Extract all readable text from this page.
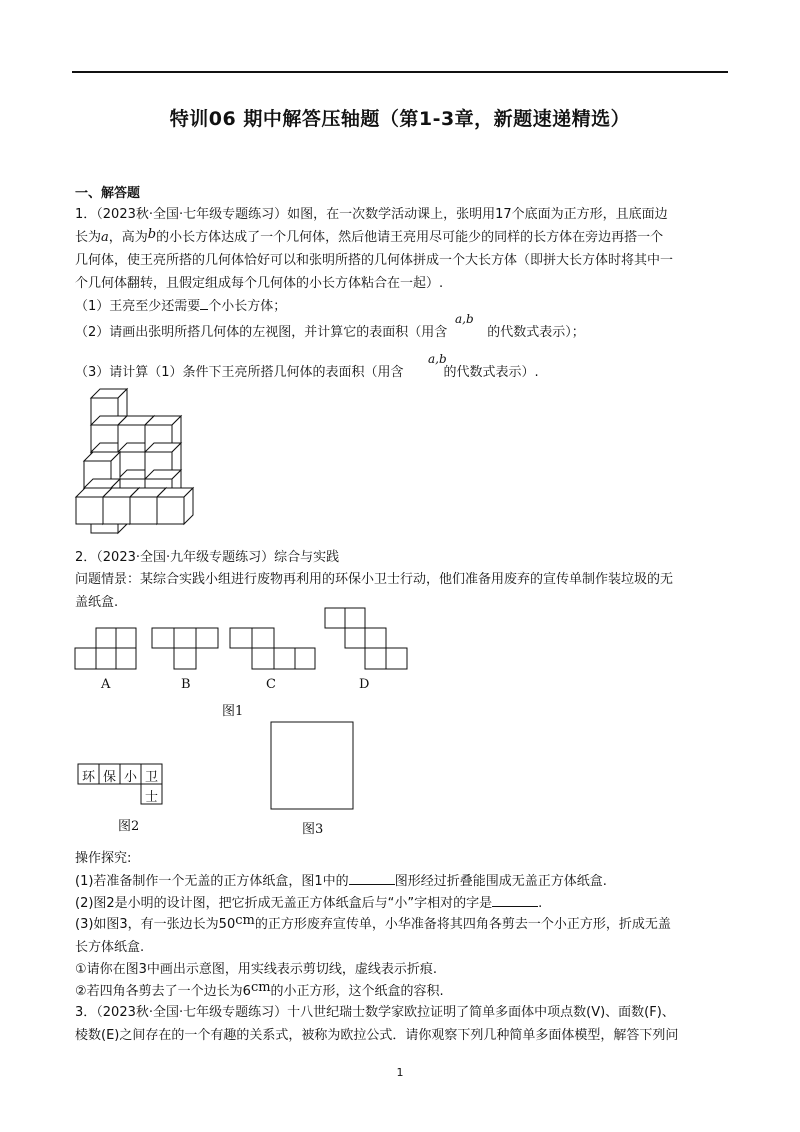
特训06 期中解答压轴题（第1-3章，新题速递精选）
一、解答题
1．（2023秋·全国·七年级专题练习）如图，在一次数学活动课上，张明用17个底面为正方形，且底面边
长为a，高为b的小长方体达成了一个几何体，然后他请王亮用尽可能少的同样的长方体在旁边再搭一个
几何体，使王亮所搭的几何体恰好可以和张明所搭的几何体拼成一个大长方体（即拼大长方体时将其中一
个几何体翻转，且假定组成每个几何体的小长方体粘合在一起）.
（1）王亮至少还需要 个小长方体；
a,b
（2）请画出张明所搭几何体的左视图，并计算它的表面积（用含	的代数式表示）；
a,b
（3）请计算（1）条件下王亮所搭几何体的表面积（用含	的代数式表示）.
2．（2023·全国·九年级专题练习）综合与实践
问题情景：某综合实践小组进行废物再利用的环保小卫士行动，他们准备用废弃的宣传单制作装垃圾的无
盖纸盒.
A	B	C	D
图1
环 保 小 卫
士
图2	图3
操作探究:
(1)若准备制作一个无盖的正方体纸盒，图1中的	图形经过折叠能围成无盖正方体纸盒.
(2)图2是小明的设计图，把它折成无盖正方体纸盒后与“小”字相对的字是	.
(3)如图3，有一张边长为50cm的正方形废弃宣传单，小华准备将其四角各剪去一个小正方形，折成无盖
长方体纸盒.
①请你在图3中画出示意图，用实线表示剪切线，虚线表示折痕.
②若四角各剪去了一个边长为6cm的小正方形，这个纸盒的容积.
3．（2023秋·全国·七年级专题练习）十八世纪瑞士数学家欧拉证明了简单多面体中项点数(V)、面数(F)、
棱数(E)之间存在的一个有趣的关系式，被称为欧拉公式．请你观察下列几种简单多面体模型，解答下列问
1
